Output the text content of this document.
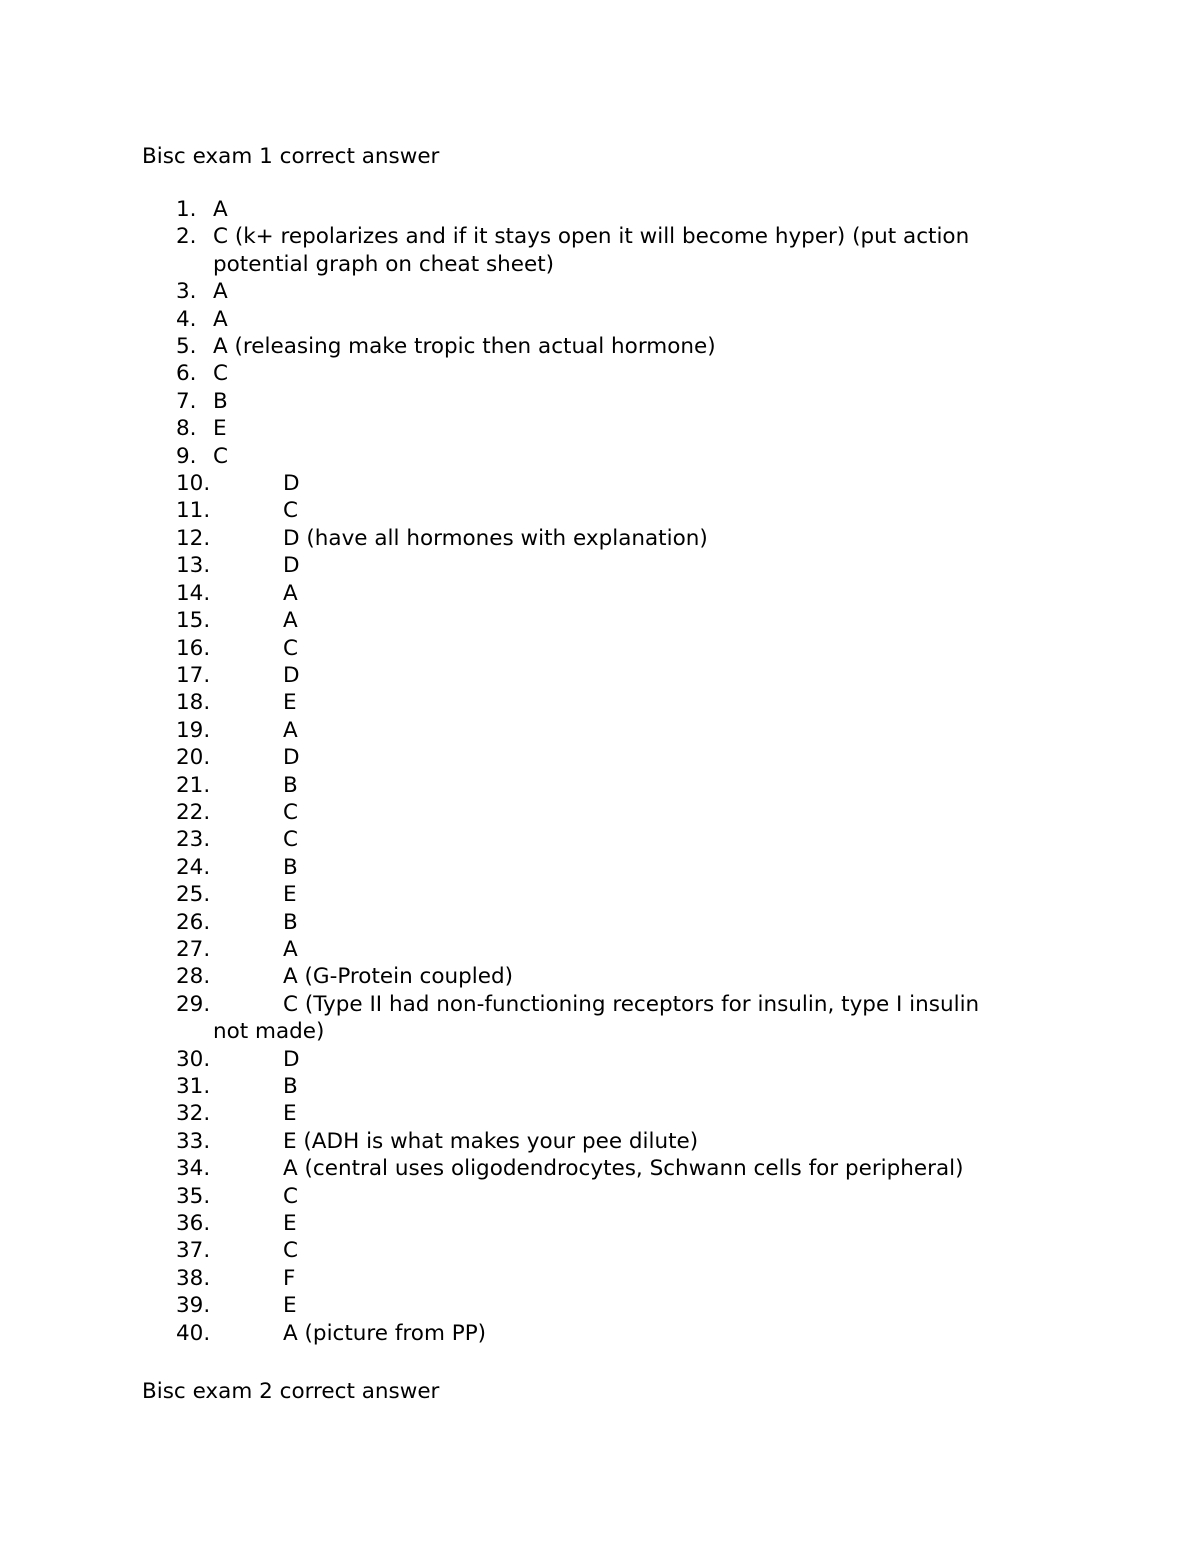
Bisc exam 1 correct answer
1. A
2. C (k+ repolarizes and if it stays open it will become hyper) (put action potential graph on cheat sheet)
3. A
4. A
5. A (releasing make tropic then actual hormone)
6. C
7. B
8. E
9. C
10.	D
11.	C
12.	D (have all hormones with explanation)
13.	D
14.	A
15.	A
16.	C
17.	D
18.	E
19.	A
20.	D
21.	B
22.	C
23.	C
24.	B
25.	E
26.	B
27.	A
28.	A (G-Protein coupled)
29.	C (Type II had non-functioning receptors for insulin, type I insulin
not made)
30.	D
31.	B
32.	E
33.	E (ADH is what makes your pee dilute)
34.	A (central uses oligodendrocytes, Schwann cells for peripheral)
35.	C
36.	E
37.	C
38.	F
39.	E
40.	A (picture from PP)
Bisc exam 2 correct answer
